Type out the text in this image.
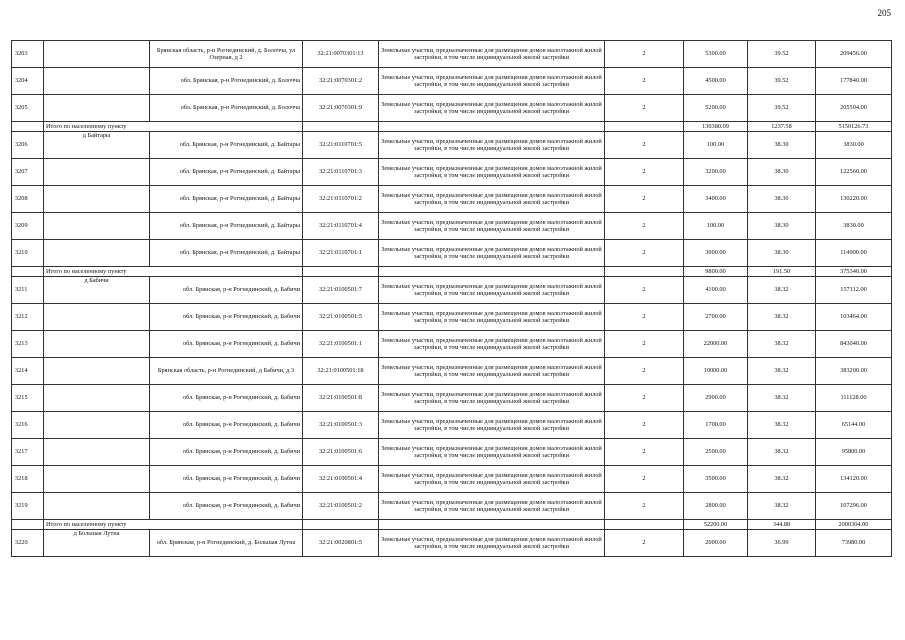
205
3203		Брянская область, р-н Рогнединский, д. Болочча, ул Озерная, д 2	32:21:0070301:13	Земельные участки, предназначенные для размещения домов малоэтажной жилой застройки, в том числе индивидуальной жилой застройки	2	5300.00	39.52	209456.00
3204		обл. Брянская, р-н Рогнединский, д. Болочча	32:21:0070301:2	Земельные участки, предназначенные для размещения домов малоэтажной жилой застройки, в том числе индивидуальной жилой застройки	2	4500.00	39.52	177840.00
3205		обл. Брянская, р-н Рогнединский, д. Болочча	32:21:0070301:9	Земельные участки, предназначенные для размещения домов малоэтажной жилой застройки, в том числе индивидуальной жилой застройки	2	5200.00	39.52	205504.00
	Итого по населенному пункту					130380.09	1237.58	5150126.73
3206	д Байтары	обл. Брянская, р-н Рогнединский, д. Байтары	32:21:0110701:5	Земельные участки, предназначенные для размещения домов малоэтажной жилой застройки, в том числе индивидуальной жилой застройки	2	100.00	38.30	3830.00
3207		обл. Брянская, р-н Рогнединский, д. Байтары	32:21:0110701:3	Земельные участки, предназначенные для размещения домов малоэтажной жилой застройки, в том числе индивидуальной жилой застройки	2	3200.00	38.30	122560.00
3208		обл. Брянская, р-н Рогнединский, д. Байтары	32:21:0110701:2	Земельные участки, предназначенные для размещения домов малоэтажной жилой застройки, в том числе индивидуальной жилой застройки	2	3400.00	38.30	130220.00
3209		обл. Брянская, р-н Рогнединский, д. Байтары	32:21:0110701:4	Земельные участки, предназначенные для размещения домов малоэтажной жилой застройки, в том числе индивидуальной жилой застройки	2	100.00	38.30	3830.00
3210		обл. Брянская, р-н Рогнединский, д. Байтары	32:21:0110701:1	Земельные участки, предназначенные для размещения домов малоэтажной жилой застройки, в том числе индивидуальной жилой застройки	2	3000.00	38.30	114900.00
	Итого по населенному пункту					9800.00	191.50	375340.00
3211	д Бабичи	обл. Брянская, р-н Рогнединский, д. Бабичи	32:21:0100501:7	Земельные участки, предназначенные для размещения домов малоэтажной жилой застройки, в том числе индивидуальной жилой застройки	2	4100.00	38.32	157112.00
3212		обл. Брянская, р-н Рогнединский, д. Бабичи	32:21:0100501:5	Земельные участки, предназначенные для размещения домов малоэтажной жилой застройки, в том числе индивидуальной жилой застройки	2	2700.00	38.32	103464.00
3213		обл. Брянская, р-н Рогнединский, д. Бабичи	32:21:0100501:1	Земельные участки, предназначенные для размещения домов малоэтажной жилой застройки, в том числе индивидуальной жилой застройки	2	22000.00	38.32	843040.00
3214		Брянская область, р-н Рогнединский, д Бабичи, д 3	32:21:0100501:18	Земельные участки, предназначенные для размещения домов малоэтажной жилой застройки, в том числе индивидуальной жилой застройки	2	10000.00	38.32	383200.00
3215		обл. Брянская, р-н Рогнединский, д. Бабичи	32:21:0100501:8	Земельные участки, предназначенные для размещения домов малоэтажной жилой застройки, в том числе индивидуальной жилой застройки	2	2900.00	38.32	111128.00
3216		обл. Брянская, р-н Рогнединский, д. Бабичи	32:21:0100501:3	Земельные участки, предназначенные для размещения домов малоэтажной жилой застройки, в том числе индивидуальной жилой застройки	2	1700.00	38.32	65144.00
3217		обл. Брянская, р-н Рогнединский, д. Бабичи	32:21:0100501:6	Земельные участки, предназначенные для размещения домов малоэтажной жилой застройки, в том числе индивидуальной жилой застройки	2	2500.00	38.32	95800.00
3218		обл. Брянская, р-н Рогнединский, д. Бабичи	32:21:0100501:4	Земельные участки, предназначенные для размещения домов малоэтажной жилой застройки, в том числе индивидуальной жилой застройки	2	3500.00	38.32	134120.00
3219		обл. Брянская, р-н Рогнединский, д. Бабичи	32:21:0100501:2	Земельные участки, предназначенные для размещения домов малоэтажной жилой застройки, в том числе индивидуальной жилой застройки	2	2800.00	38.32	107296.00
	Итого по населенному пункту					52200.00	344.88	2000304.00
3220	д Большая Лутна	обл. Брянская, р-н Рогнединский, д. Большая Лутна	32:21:0020801:5	Земельные участки, предназначенные для размещения домов малоэтажной жилой застройки, в том числе индивидуальной жилой застройки	2	2000.00	36.99	73980.00
